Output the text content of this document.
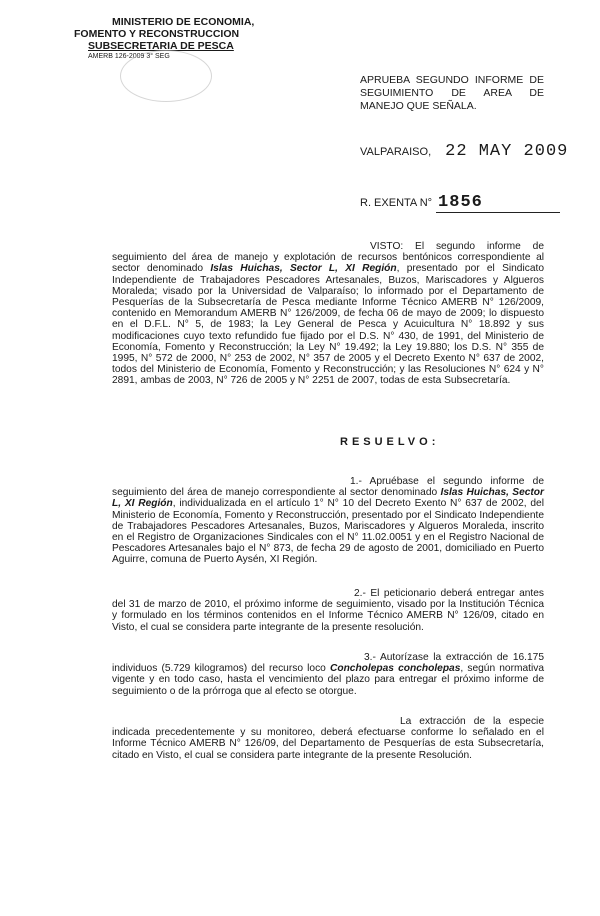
MINISTERIO DE ECONOMIA,
FOMENTO Y RECONSTRUCCION
SUBSECRETARIA DE PESCA
AMERB 126-2009 3° SEG
APRUEBA SEGUNDO INFORME DE
SEGUIMIENTO DE AREA DE
MANEJO QUE SEÑALA.
VALPARAISO, 22 MAY 2009
R. EXENTA N° 1856
VISTO: El segundo informe de seguimiento del área de manejo y explotación de recursos bentónicos correspondiente al sector denominado Islas Huichas, Sector L, XI Región, presentado por el Sindicato Independiente de Trabajadores Pescadores Artesanales, Buzos, Mariscadores y Algueros Moraleda; visado por la Universidad de Valparaíso; lo informado por el Departamento de Pesquerías de la Subsecretaría de Pesca mediante Informe Técnico AMERB N° 126/2009, contenido en Memorandum AMERB N° 126/2009, de fecha 06 de mayo de 2009; lo dispuesto en el D.F.L. N° 5, de 1983; la Ley General de Pesca y Acuicultura N° 18.892 y sus modificaciones cuyo texto refundido fue fijado por el D.S. N° 430, de 1991, del Ministerio de Economía, Fomento y Reconstrucción; la Ley N° 19.492; la Ley 19.880; los D.S. N° 355 de 1995, N° 572 de 2000, N° 253 de 2002, N° 357 de 2005 y el Decreto Exento N° 637 de 2002, todos del Ministerio de Economía, Fomento y Reconstrucción; y las Resoluciones N° 624 y N° 2891, ambas de 2003, N° 726 de 2005 y N° 2251 de 2007, todas de esta Subsecretaría.
RESUELVO:
1.- Apruébase el segundo informe de seguimiento del área de manejo correspondiente al sector denominado Islas Huichas, Sector L, XI Región, individualizada en el artículo 1° N° 10 del Decreto Exento N° 637 de 2002, del Ministerio de Economía, Fomento y Reconstrucción, presentado por el Sindicato Independiente de Trabajadores Pescadores Artesanales, Buzos, Mariscadores y Algueros Moraleda, inscrito en el Registro de Organizaciones Sindicales con el N° 11.02.0051 y en el Registro Nacional de Pescadores Artesanales bajo el N° 873, de fecha 29 de agosto de 2001, domiciliado en Puerto Aguirre, comuna de Puerto Aysén, XI Región.
2.- El peticionario deberá entregar antes del 31 de marzo de 2010, el próximo informe de seguimiento, visado por la Institución Técnica y formulado en los términos contenidos en el Informe Técnico AMERB N° 126/09, citado en Visto, el cual se considera parte integrante de la presente resolución.
3.- Autorízase la extracción de 16.175 individuos (5.729 kilogramos) del recurso loco Concholepas concholepas, según normativa vigente y en todo caso, hasta el vencimiento del plazo para entregar el próximo informe de seguimiento o de la prórroga que al efecto se otorgue.
La extracción de la especie indicada precedentemente y su monitoreo, deberá efectuarse conforme lo señalado en el Informe Técnico AMERB N° 126/09, del Departamento de Pesquerías de esta Subsecretaría, citado en Visto, el cual se considera parte integrante de la presente Resolución.
